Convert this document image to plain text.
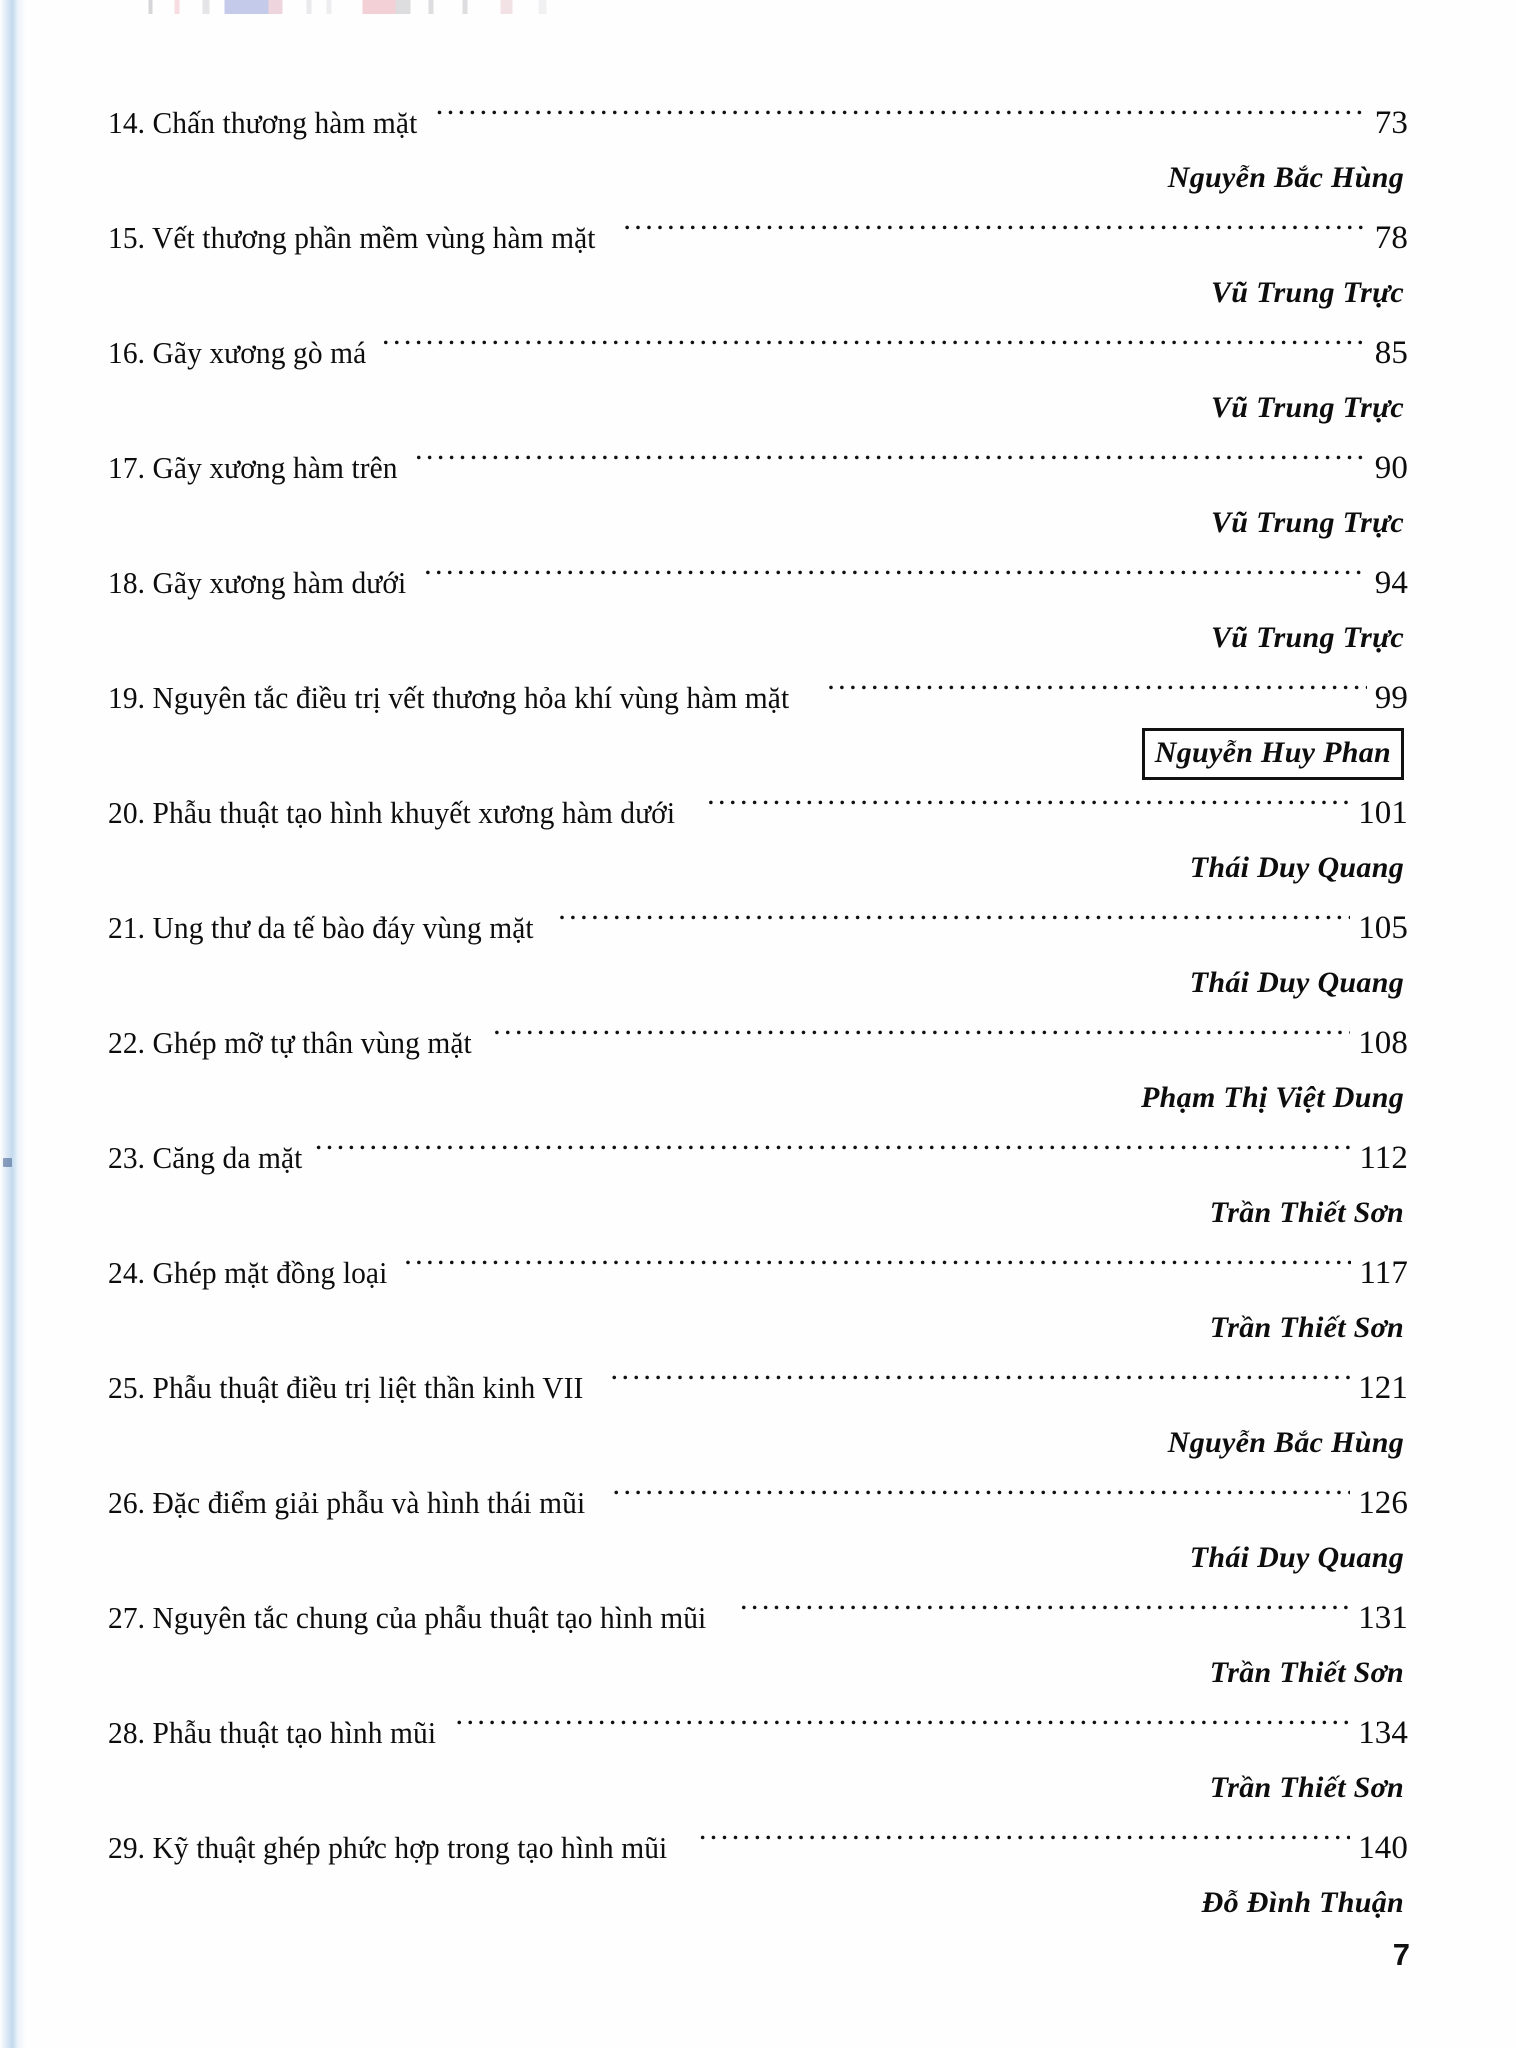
14. Chấn thương hàm mặt .....	73
Nguyễn Bắc Hùng
15. Vết thương phần mềm vùng hàm mặt .....	78
Vũ Trung Trực
16. Gãy xương gò má .....	85
Vũ Trung Trực
17. Gãy xương hàm trên .....	90
Vũ Trung Trực
18. Gãy xương hàm dưới .....	94
Vũ Trung Trực
19. Nguyên tắc điều trị vết thương hỏa khí vùng hàm mặt .....	99
Nguyễn Huy Phan
20. Phẫu thuật tạo hình khuyết xương hàm dưới .....	101
Thái Duy Quang
21. Ung thư da tế bào đáy vùng mặt .....	105
Thái Duy Quang
22. Ghép mỡ tự thân vùng mặt .....	108
Phạm Thị Việt Dung
23. Căng da mặt .....	112
Trần Thiết Sơn
24. Ghép mặt đồng loại .....	117
Trần Thiết Sơn
25. Phẫu thuật điều trị liệt thần kinh VII .....	121
Nguyễn Bắc Hùng
26. Đặc điểm giải phẫu và hình thái mũi .....	126
Thái Duy Quang
27. Nguyên tắc chung của phẫu thuật tạo hình mũi .....	131
Trần Thiết Sơn
28. Phẫu thuật tạo hình mũi .....	134
Trần Thiết Sơn
29. Kỹ thuật ghép phức hợp trong tạo hình mũi .....	140
Đỗ Đình Thuận
7
